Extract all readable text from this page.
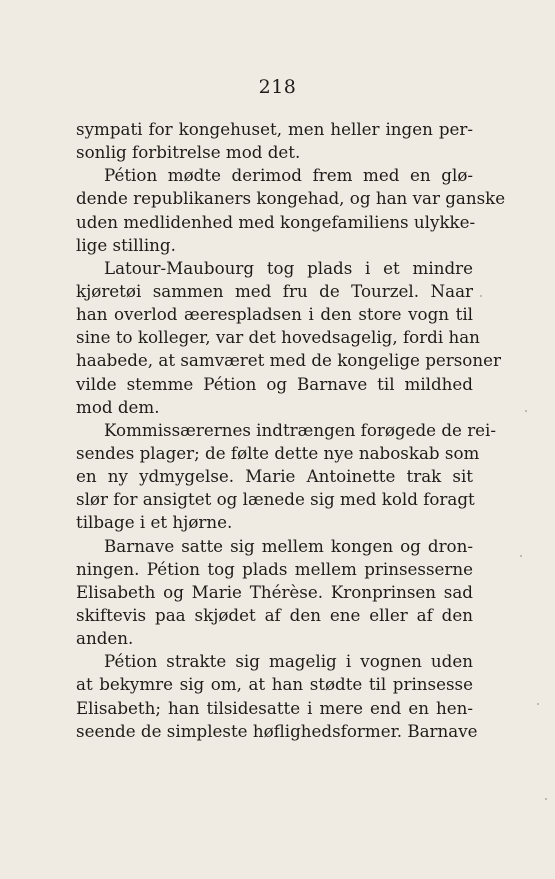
218
sympati for kongehuset, men heller ingen per-
sonlig forbitrelse mod det.
Pétion mødte derimod frem med en glø-
dende republikaners kongehad, og han var ganske
uden medlidenhed med kongefamiliens ulykke-
lige stilling.
Latour-Maubourg tog plads i et mindre
kjøretøi sammen med fru de Tourzel. Naar
han overlod æerespladsen i den store vogn til
sine to kolleger, var det hovedsagelig, fordi han
haabede, at samværet med de kongelige personer
vilde stemme Pétion og Barnave til mildhed
mod dem.
Kommissærernes indtrængen forøgede de rei-
sendes plager; de følte dette nye naboskab som
en ny ydmygelse. Marie Antoinette trak sit
slør for ansigtet og lænede sig med kold foragt
tilbage i et hjørne.
Barnave satte sig mellem kongen og dron-
ningen. Pétion tog plads mellem prinsesserne
Elisabeth og Marie Thérèse. Kronprinsen sad
skiftevis paa skjødet af den ene eller af den
anden.
Pétion strakte sig magelig i vognen uden
at bekymre sig om, at han stødte til prinsesse
Elisabeth; han tilsidesatte i mere end en hen-
seende de simpleste høflighedsformer. Barnave
